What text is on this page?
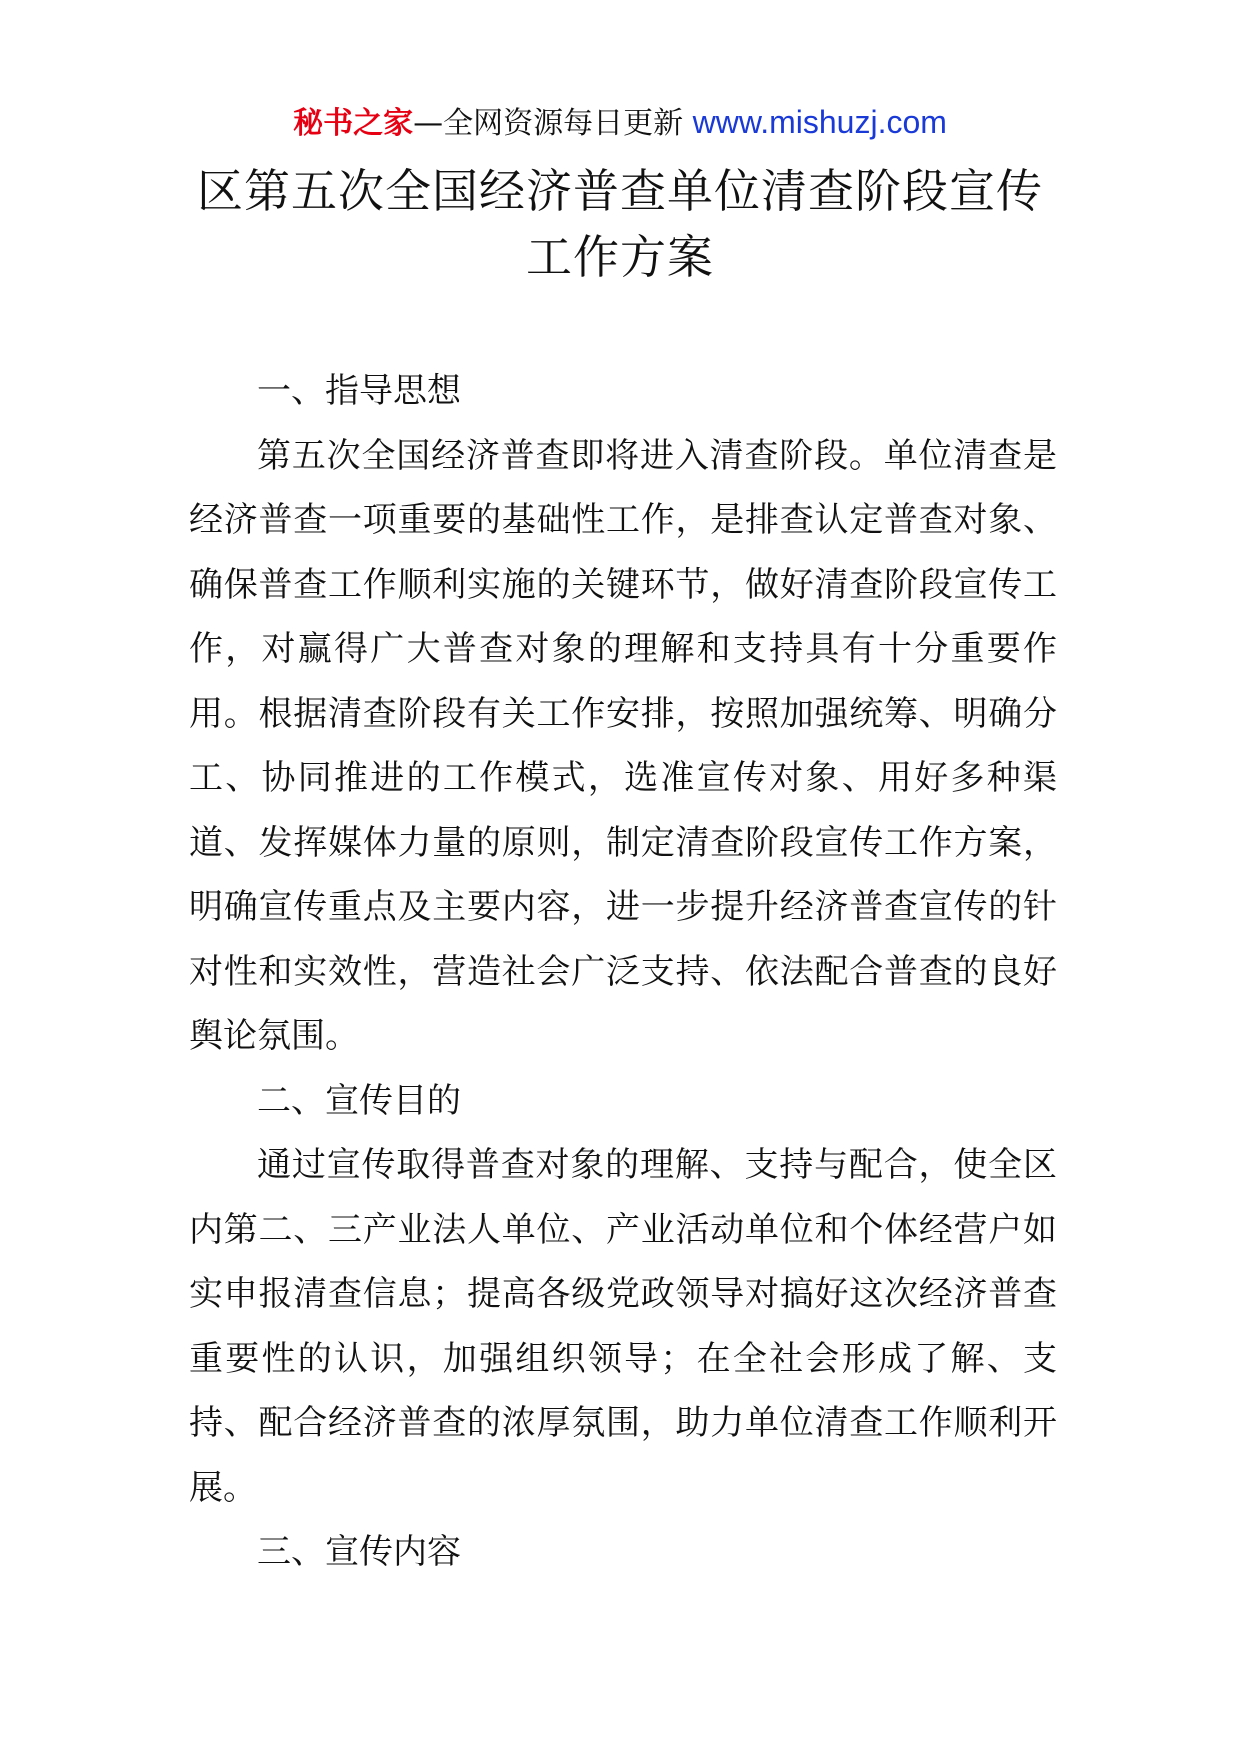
秘书之家—全网资源每日更新 www.mishuzj.com
区第五次全国经济普查单位清查阶段宣传
工作方案

一、指导思想

第五次全国经济普查即将进入清查阶段。单位清查是经济普查一项重要的基础性工作，是排查认定普查对象、确保普查工作顺利实施的关键环节，做好清查阶段宣传工作，对赢得广大普查对象的理解和支持具有十分重要作用。根据清查阶段有关工作安排，按照加强统筹、明确分工、协同推进的工作模式，选准宣传对象、用好多种渠道、发挥媒体力量的原则，制定清查阶段宣传工作方案，明确宣传重点及主要内容，进一步提升经济普查宣传的针对性和实效性，营造社会广泛支持、依法配合普查的良好舆论氛围。

二、宣传目的

通过宣传取得普查对象的理解、支持与配合，使全区内第二、三产业法人单位、产业活动单位和个体经营户如实申报清查信息；提高各级党政领导对搞好这次经济普查重要性的认识，加强组织领导；在全社会形成了解、支持、配合经济普查的浓厚氛围，助力单位清查工作顺利开展。

三、宣传内容
